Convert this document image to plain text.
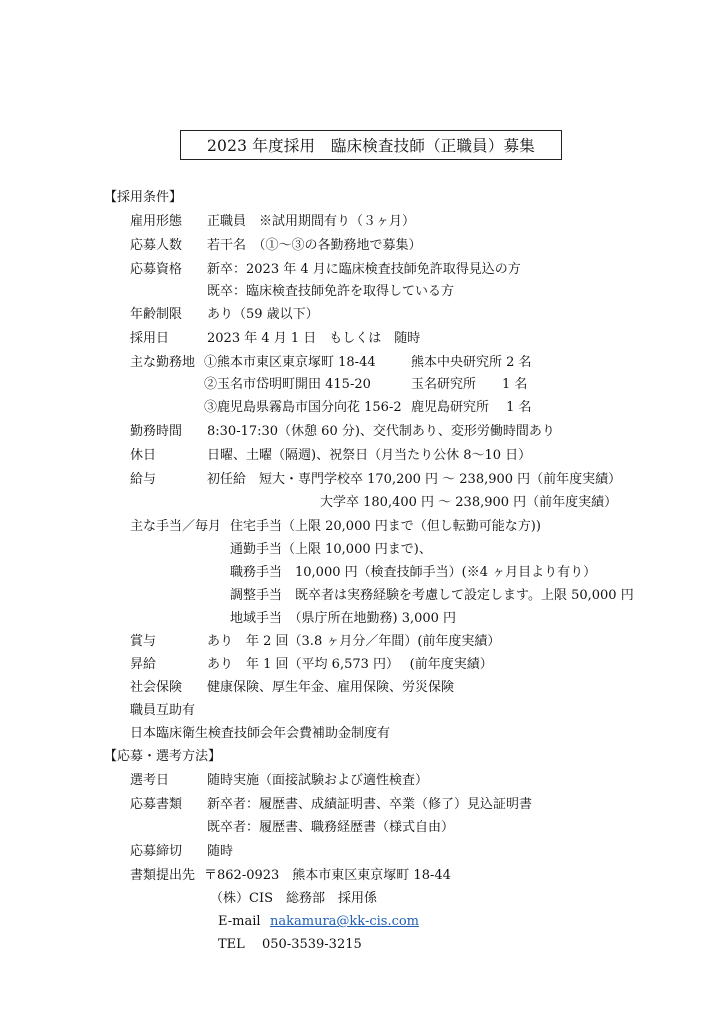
2023 年度採用　臨床検査技師（正職員）募集
【採用条件】
雇用形態 正職員　※試用期間有り（３ヶ月）
応募人数 若干名　（①～③の各勤務地で募集）
応募資格 新卒：2023 年 4 月に臨床検査技師免許取得見込の方
既卒：臨床検査技師免許を取得している方
年齢制限 あり（59 歳以下）
採用日	2023 年 4 月 1 日　もしくは　随時
主な勤務地 ①熊本市東区東京塚町 18-44	熊本中央研究所 2 名
②玉名市岱明町開田 415-20	玉名研究所　　1 名
③鹿児島県霧島市国分向花 156-2 鹿児島研究所　 1 名
勤務時間 8:30-17:30（休憩 60 分)、交代制あり、変形労働時間あり
休日	日曜、土曜（隔週)、祝祭日（月当たり公休 8～10 日）
給与	初任給　短大・専門学校卒 170,200 円 ～ 238,900 円（前年度実績）
大学卒 180,400 円 ～ 238,900 円（前年度実績）
主な手当／毎月 住宅手当（上限 20,000 円まで（但し転勤可能な方))
通勤手当（上限 10,000 円まで)、
職務手当　10,000 円（検査技師手当）(※4 ヶ月目より有り）
調整手当　既卒者は実務経験を考慮して設定します。上限 50,000 円
地域手当　（県庁所在地勤務) 3,000 円
賞与	あり　年 2 回（3.8 ヶ月分／年間）(前年度実績）
昇給	あり　年 1 回（平均 6,573 円）　 (前年度実績）
社会保険 健康保険、厚生年金、雇用保険、労災保険
職員互助有
日本臨床衛生検査技師会年会費補助金制度有
【応募・選考方法】
選考日	随時実施（面接試験および適性検査）
応募書類 新卒者：履歴書、成績証明書、卒業（修了）見込証明書
既卒者：履歴書、職務経歴書（様式自由）
応募締切 随時
書類提出先 〒862-0923　熊本市東区東京塚町 18-44
（株）CIS　総務部　採用係
E-mail nakamura@kk-cis.com
TEL 050-3539-3215
